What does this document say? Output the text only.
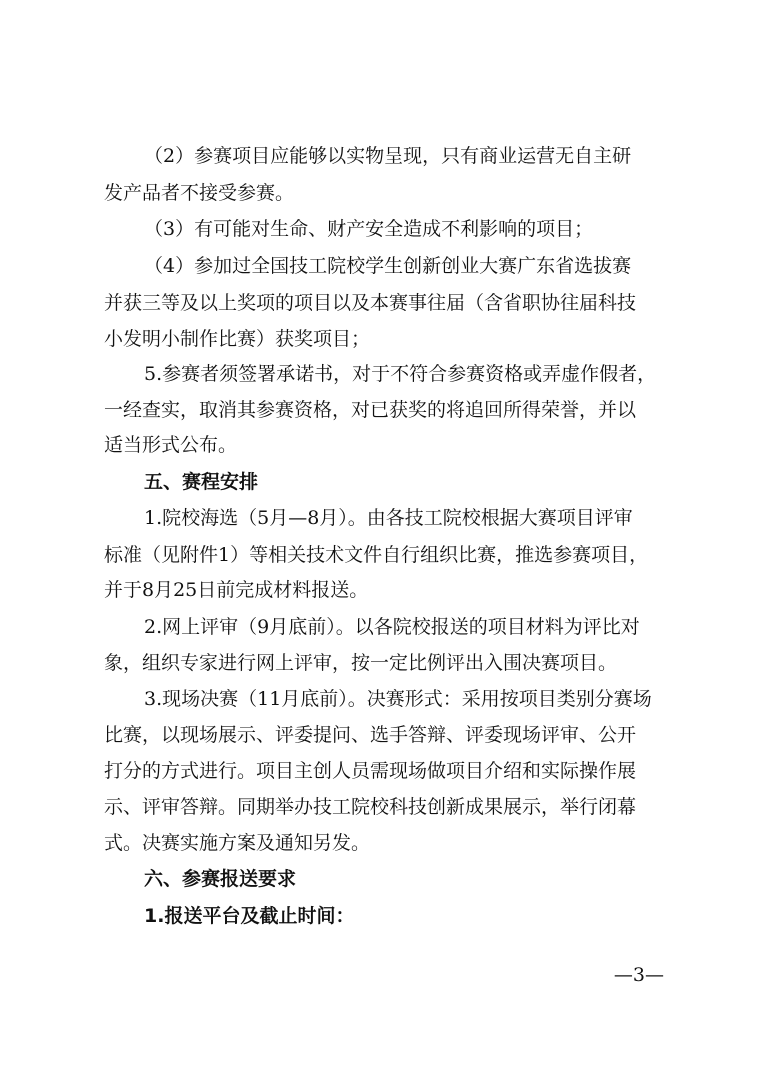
（2）参赛项目应能够以实物呈现，只有商业运营无自主研
发产品者不接受参赛。
（3）有可能对生命、财产安全造成不利影响的项目；
（4）参加过全国技工院校学生创新创业大赛广东省选拔赛
并获三等及以上奖项的项目以及本赛事往届（含省职协往届科技
小发明小制作比赛）获奖项目；
5.参赛者须签署承诺书，对于不符合参赛资格或弄虚作假者，
一经查实，取消其参赛资格，对已获奖的将追回所得荣誉，并以
适当形式公布。
五、赛程安排
1.院校海选（5月—8月）。由各技工院校根据大赛项目评审
标准（见附件1）等相关技术文件自行组织比赛，推选参赛项目，
并于8月25日前完成材料报送。
2.网上评审（9月底前）。以各院校报送的项目材料为评比对
象，组织专家进行网上评审，按一定比例评出入围决赛项目。
3.现场决赛（11月底前）。决赛形式：采用按项目类别分赛场
比赛，以现场展示、评委提问、选手答辩、评委现场评审、公开
打分的方式进行。项目主创人员需现场做项目介绍和实际操作展
示、评审答辩。同期举办技工院校科技创新成果展示，举行闭幕
式。决赛实施方案及通知另发。
六、参赛报送要求
1.报送平台及截止时间：
—3—
